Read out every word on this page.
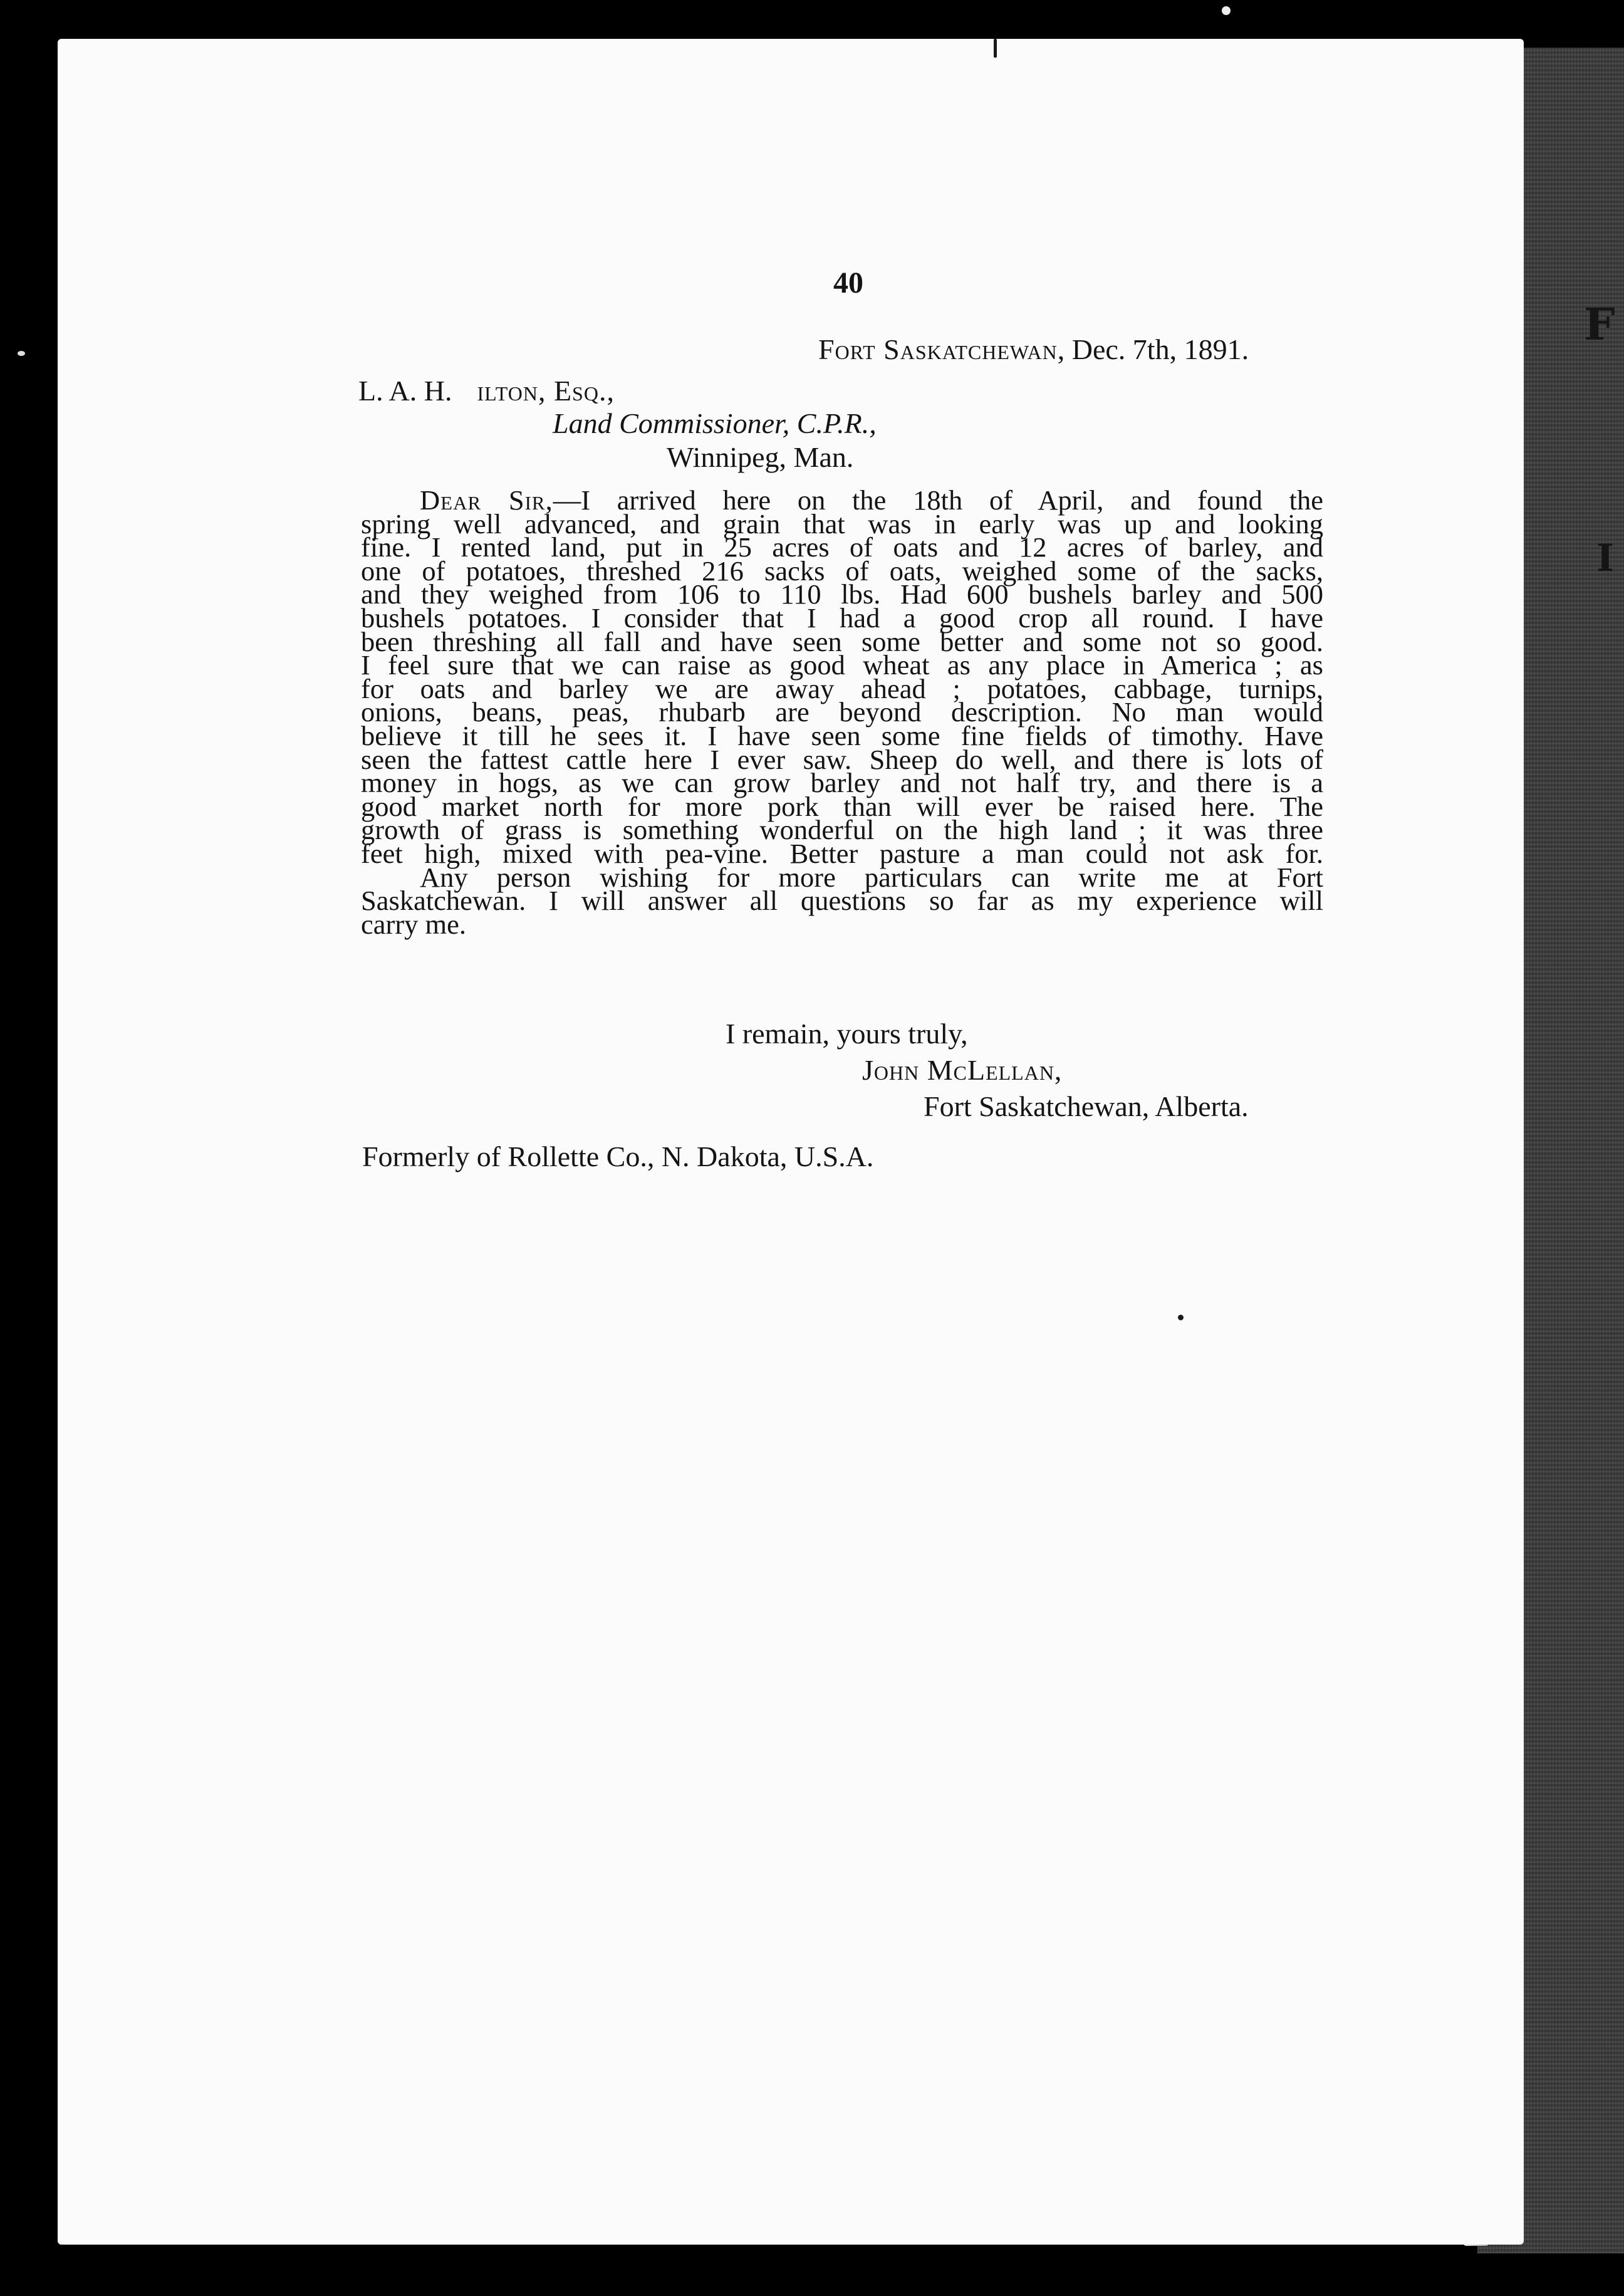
F
I
40
Fort Saskatchewan, Dec. 7th, 1891.
L. A. H. ilton, Esq.,
Land Commissioner, C.P.R.,
Winnipeg, Man.

Dear Sir,—I arrived here on the 18th of April, and found the

spring well advanced, and grain that was in early was up and looking

fine. I rented land, put in 25 acres of oats and 12 acres of barley, and

one of potatoes, threshed 216 sacks of oats, weighed some of the sacks,

and they weighed from 106 to 110 lbs. Had 600 bushels barley and 500

bushels potatoes. I consider that I had a good crop all round. I have

been threshing all fall and have seen some better and some not so good.

I feel sure that we can raise as good wheat as any place in America ; as

for oats and barley we are away ahead ; potatoes, cabbage, turnips,

onions, beans, peas, rhubarb are beyond description. No man would

believe it till he sees it. I have seen some fine fields of timothy. Have

seen the fattest cattle here I ever saw. Sheep do well, and there is lots of

money in hogs, as we can grow barley and not half try, and there is a

good market north for more pork than will ever be raised here. The

growth of grass is something wonderful on the high land ; it was three

feet high, mixed with pea-vine. Better pasture a man could not ask for.

Any person wishing for more particulars can write me at Fort

Saskatchewan. I will answer all questions so far as my experience will

carry me.

I remain, yours truly,
John McLellan,
Fort Saskatchewan, Alberta.
Formerly of Rollette Co., N. Dakota, U.S.A.
